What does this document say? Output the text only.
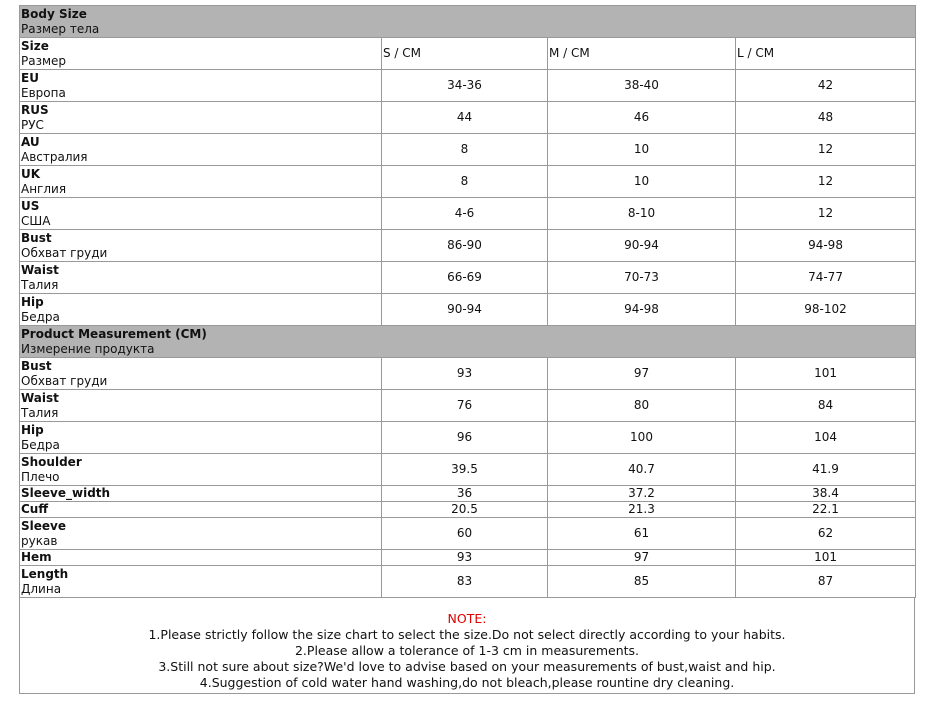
Body Size
Размер тела			

Size
Размер	S / CM	M / CM	L / CM

EU
Европа	34-36	38-40	42

RUS
РУС	44	46	48

AU
Австралия	8	10	12

UK
Англия	8	10	12

US
США	4-6	8-10	12

Bust
Обхват груди	86-90	90-94	94-98

Waist
Талия	66-69	70-73	74-77

Hip
Бедра	90-94	94-98	98-102

Product Measurement (CM)
Измерение продукта			

Bust
Обхват груди	93	97	101

Waist
Талия	76	80	84

Hip
Бедра	96	100	104

Shoulder
Плечо	39.5	40.7	41.9

Sleeve_width	36	37.2	38.4

Cuff	20.5	21.3	22.1

Sleeve
рукав	60	61	62

Hem	93	97	101

Length
Длина	83	85	87
NOTE:
1.Please strictly follow the size chart to select the size.Do not select directly according to your habits.
2.Please allow a tolerance of 1-3 cm in measurements.
3.Still not sure about size?We'd love to advise based on your measurements of bust,waist and hip.
4.Suggestion of cold water hand washing,do not bleach,please rountine dry cleaning.
